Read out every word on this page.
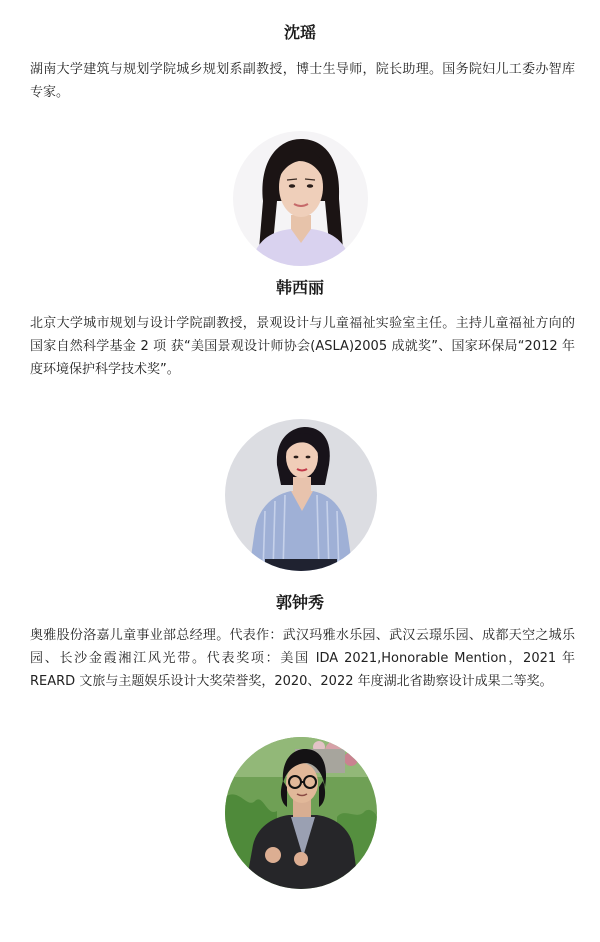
沈瑶
湖南大学建筑与规划学院城乡规划系副教授，博士生导师，院长助理。国务院妇儿工委办智库专家。
韩西丽
北京大学城市规划与设计学院副教授，景观设计与儿童福祉实验室主任。主持儿童福祉方向的国家自然科学基金 2 项 获“美国景观设计师协会(ASLA)2005 成就奖”、国家环保局“2012 年度环境保护科学技术奖”。
郭钟秀
奥雅股份洛嘉儿童事业部总经理。代表作：武汉玛雅水乐园、武汉云璟乐园、成都天空之城乐园、长沙金霞湘江风光带。代表奖项：美国 IDA 2021,Honorable Mention，2021 年 REARD 文旅与主题娱乐设计大奖荣誉奖，2020、2022 年度湖北省勘察设计成果二等奖。
